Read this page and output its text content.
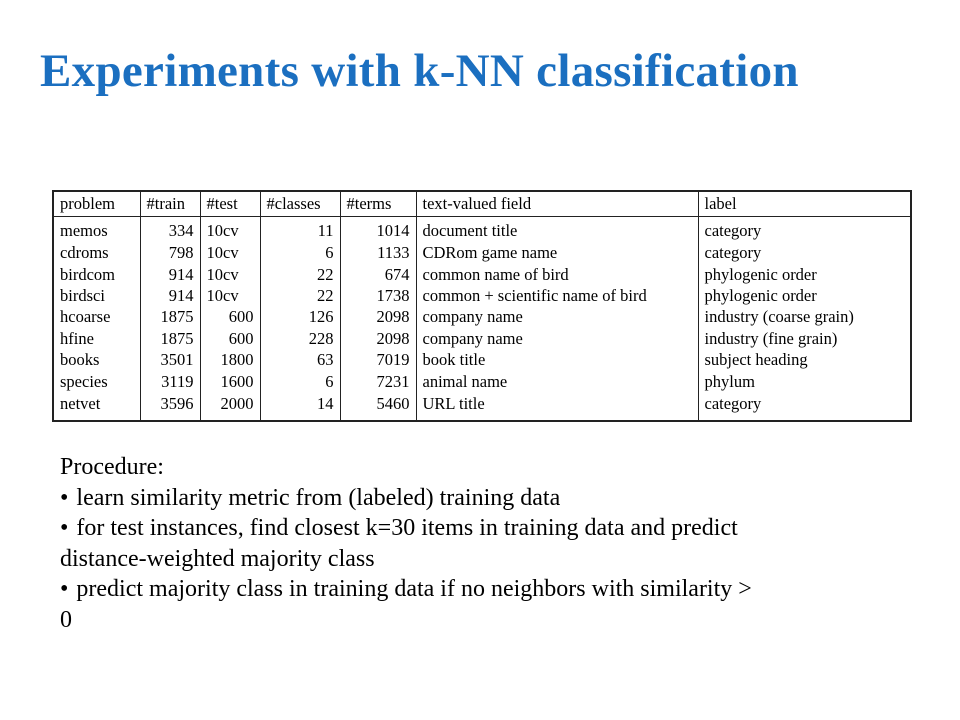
Experiments with k-NN classification
problem	#train	#test	#classes	#terms	text-valued field	label
memos	334	10cv	11	1014	document title	category
cdroms	798	10cv	6	1133	CDRom game name	category
birdcom	914	10cv	22	674	common name of bird	phylogenic order
birdsci	914	10cv	22	1738	common + scientific name of bird	phylogenic order
hcoarse	1875	600	126	2098	company name	industry (coarse grain)
hfine	1875	600	228	2098	company name	industry (fine grain)
books	3501	1800	63	7019	book title	subject heading
species	3119	1600	6	7231	animal name	phylum
netvet	3596	2000	14	5460	URL title	category

Procedure:

• learn similarity metric from (labeled) training data
• for test instances, find closest k=30 items in training data and predict distance-weighted majority class
• predict majority class in training data if no neighbors with similarity > 0
